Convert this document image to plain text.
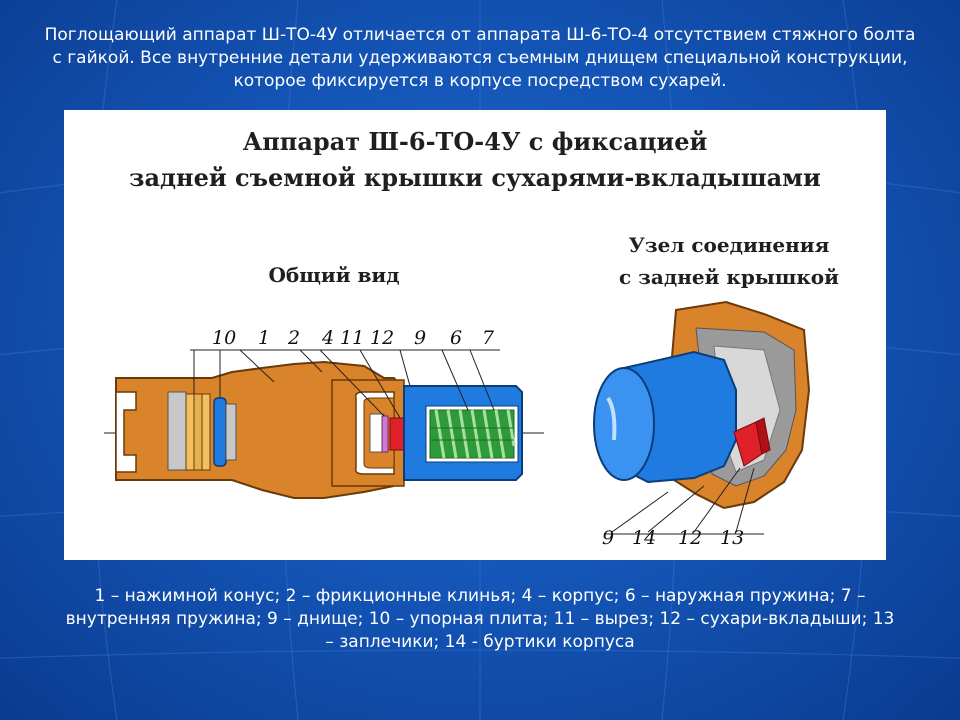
Поглощающий аппарат Ш-ТО-4У отличается от аппарата Ш-6-ТО-4 отсутствием стяжного болта с гайкой. Все внутренние детали удерживаются съемным днищем специальной конструкции, которое фиксируется в корпусе посредством сухарей.
Аппарат Ш-6-ТО-4У с фиксацией
задней съемной крышки сухарями-вкладышами
Общий вид
Узел соединения
с задней крышкой
10 1 2 4 11 12 9 6 7
9 14 12 13
1 – нажимной конус; 2 – фрикционные клинья; 4 – корпус; 6 – наружная пружина; 7 – внутренняя пружина; 9 – днище; 10 – упорная плита; 11 – вырез; 12 – сухари-вкладыши; 13 – заплечики; 14 - буртики корпуса
